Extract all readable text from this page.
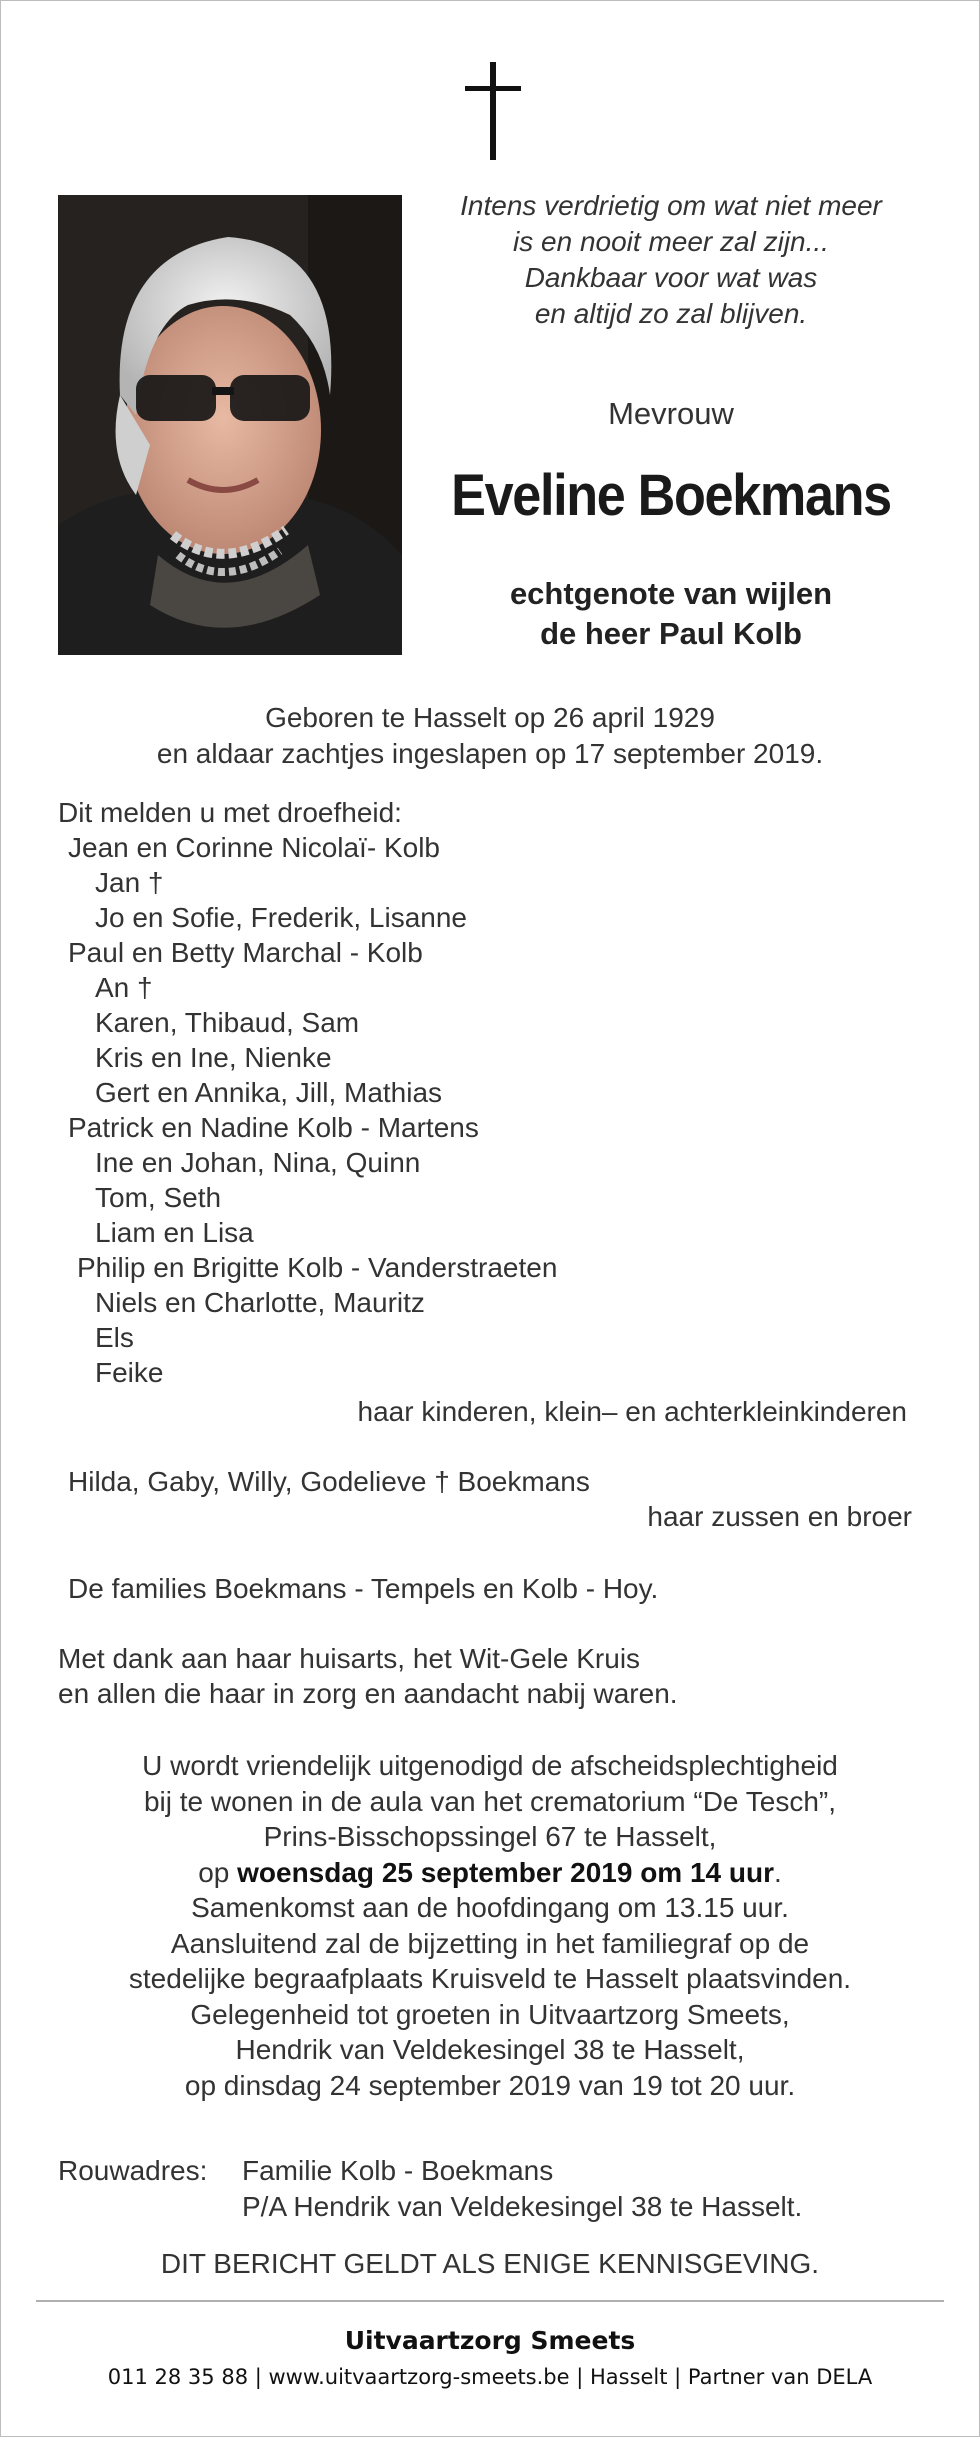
Intens verdrietig om wat niet meer
is en nooit meer zal zijn...
Dankbaar voor wat was
en altijd zo zal blijven.
Mevrouw
Eveline Boekmans
echtgenote van wijlen
de heer Paul Kolb
Geboren te Hasselt op 26 april 1929
en aldaar zachtjes ingeslapen op 17 september 2019.
Dit melden u met droefheid:
Jean en Corinne Nicolaï- Kolb
Jan †
Jo en Sofie, Frederik, Lisanne
Paul en Betty Marchal - Kolb
An †
Karen, Thibaud, Sam
Kris en Ine, Nienke
Gert en Annika, Jill, Mathias
Patrick en Nadine Kolb - Martens
Ine en Johan, Nina, Quinn
Tom, Seth
Liam en Lisa
Philip en Brigitte Kolb - Vanderstraeten
Niels en Charlotte, Mauritz
Els
Feike
haar kinderen, klein– en achterkleinkinderen
Hilda, Gaby, Willy, Godelieve † Boekmans
haar zussen en broer
De families Boekmans - Tempels en Kolb - Hoy.
Met dank aan haar huisarts, het Wit-Gele Kruis
en allen die haar in zorg en aandacht nabij waren.
U wordt vriendelijk uitgenodigd de afscheidsplechtigheid
bij te wonen in de aula van het crematorium “De Tesch”,
Prins-Bisschopssingel 67 te Hasselt,
op woensdag 25 september 2019 om 14 uur.
Samenkomst aan de hoofdingang om 13.15 uur.
Aansluitend zal de bijzetting in het familiegraf op de
stedelijke begraafplaats Kruisveld te Hasselt plaatsvinden.
Gelegenheid tot groeten in Uitvaartzorg Smeets,
Hendrik van Veldekesingel 38 te Hasselt,
op dinsdag 24 september 2019 van 19 tot 20 uur.
Rouwadres: Familie Kolb - Boekmans
P/A Hendrik van Veldekesingel 38 te Hasselt.
DIT BERICHT GELDT ALS ENIGE KENNISGEVING.
Uitvaartzorg Smeets
011 28 35 88 | www.uitvaartzorg-smeets.be | Hasselt | Partner van DELA
